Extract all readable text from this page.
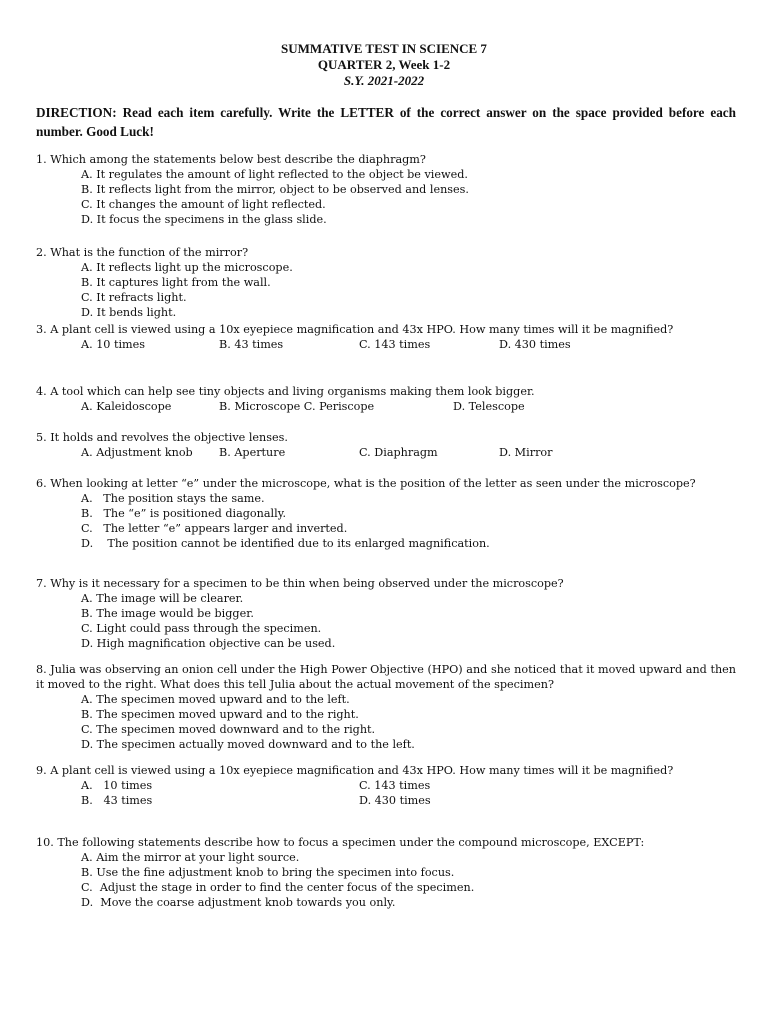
SUMMATIVE TEST IN SCIENCE 7
QUARTER 2, Week 1-2
S.Y. 2021-2022
DIRECTION: Read each item carefully. Write the LETTER of the correct answer on the space provided before each number. Good Luck!
1. Which among the statements below best describe the diaphragm?
A. It regulates the amount of light reflected to the object be viewed.
B. It reflects light from the mirror, object to be observed and lenses.
C. It changes the amount of light reflected.
D. It focus the specimens in the glass slide.
2. What is the function of the mirror?
A. It reflects light up the microscope.
B. It captures light from the wall.
C. It refracts light.
D. It bends light.
3. A plant cell is viewed using a 10x eyepiece magnification and 43x HPO. How many times will it be magnified?
A. 10 times	B. 43 times	C. 143 times	D. 430 times
4. A tool which can help see tiny objects and living organisms making them look bigger.
A. Kaleidoscope	B. Microscope C. Periscope	D. Telescope
5. It holds and revolves the objective lenses.
A. Adjustment knob	B. Aperture	C. Diaphragm	D. Mirror
6. When looking at letter “e” under the microscope, what is the position of the letter as seen under the microscope?
A.   The position stays the same.
B.   The “e” is positioned diagonally.
C.   The letter “e” appears larger and inverted.
D.    The position cannot be identified due to its enlarged magnification.
7. Why is it necessary for a specimen to be thin when being observed under the microscope?
A. The image will be clearer.
B. The image would be bigger.
C. Light could pass through the specimen.
D. High magnification objective can be used.
8. Julia was observing an onion cell under the High Power Objective (HPO) and she noticed that it moved upward and then it moved to the right. What does this tell Julia about the actual movement of the specimen?
A. The specimen moved upward and to the left.
B. The specimen moved upward and to the right.
C. The specimen moved downward and to the right.
D. The specimen actually moved downward and to the left.
9. A plant cell is viewed using a 10x eyepiece magnification and 43x HPO. How many times will it be magnified?
A.   10 times	C. 143 times
B.   43 times	D. 430 times
10. The following statements describe how to focus a specimen under the compound microscope, EXCEPT:
A. Aim the mirror at your light source.
B. Use the fine adjustment knob to bring the specimen into focus.
C.  Adjust the stage in order to find the center focus of the specimen.
D.  Move the coarse adjustment knob towards you only.
